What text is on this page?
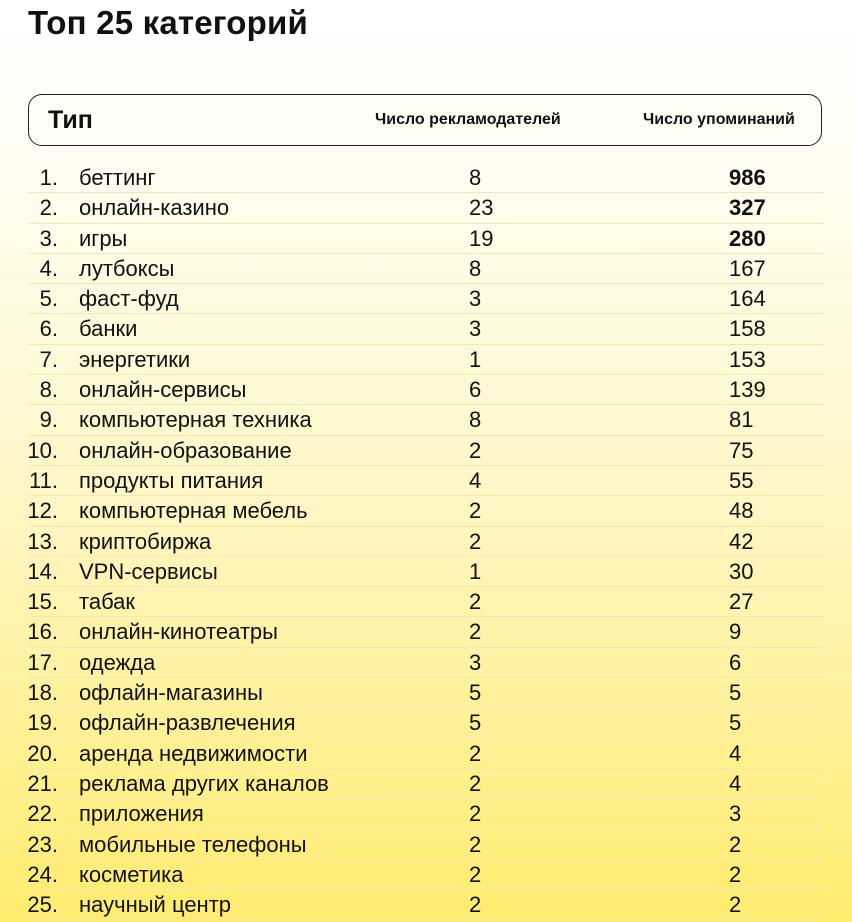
Топ 25 категорий
Тип	Число рекламодателей	Число упоминаний
1. беттинг	8	986
2. онлайн-казино	23	327
3. игры	19	280
4. лутбоксы	8	167
5. фаст-фуд	3	164
6. банки	3	158
7. энергетики	1	153
8. онлайн-сервисы	6	139
9. компьютерная техника	8	81
10. онлайн-образование	2	75
11. продукты питания	4	55
12. компьютерная мебель	2	48
13. криптобиржа	2	42
14. VPN-сервисы	1	30
15. табак	2	27
16. онлайн-кинотеатры	2	9
17. одежда	3	6
18. офлайн-магазины	5	5
19. офлайн-развлечения	5	5
20. аренда недвижимости	2	4
21. реклама других каналов	2	4
22. приложения	2	3
23. мобильные телефоны	2	2
24. косметика	2	2
25. научный центр	2	2
